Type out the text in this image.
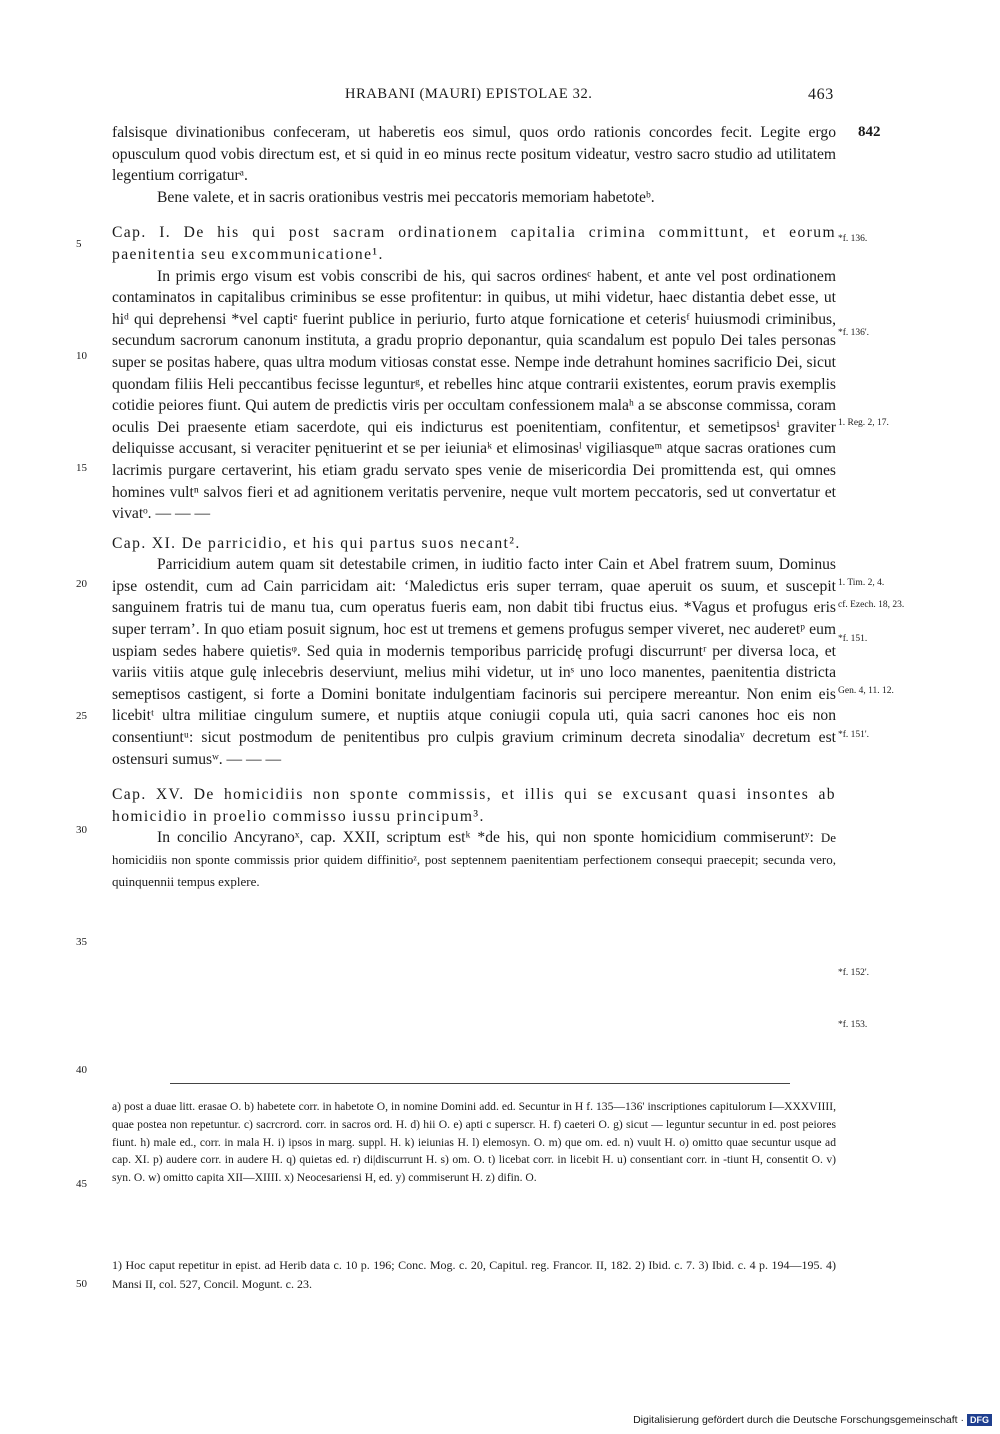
HRABANI (MAURI) EPISTOLAE 32.	463
842

falsisque divinationibus confeceram, ut haberetis eos simul, quos ordo rationis concordes fecit. Legite ergo opusculum quod vobis directum est, et si quid in eo minus recte positum videatur, vestro sacro studio ad utilitatem legentium corrigaturᵃ.

Bene valete, et in sacris orationibus vestris mei peccatoris memoriam habetoteᵇ.

Cap. I. De his qui post sacram ordinationem capitalia crimina committunt, et eorum paenitentia seu excommunicatione¹.

In primis ergo visum est vobis conscribi de his, qui sacros ordinesᶜ habent, et ante vel post ordinationem contaminatos in capitalibus criminibus se esse profitentur: in quibus, ut mihi videtur, haec distantia debet esse, ut hiᵈ qui deprehensi *vel captiᵉ fuerint publice in periurio, furto atque fornicatione et ceterisᶠ huiusmodi criminibus, secundum sacrorum canonum instituta, a gradu proprio deponantur, quia scandalum est populo Dei tales personas super se positas habere, quas ultra modum vitiosas constat esse. Nempe inde detrahunt homines sacrificio Dei, sicut quondam filiis Heli peccantibus fecisse legunturᵍ, et rebelles hinc atque contrarii existentes, eorum pravis exemplis cotidie peiores fiunt. Qui autem de predictis viris per occultam confessionem malaʰ a se absconse commissa, coram oculis Dei praesente etiam sacerdote, qui eis indicturus est poenitentiam, confitentur, et semetipsosⁱ graviter deliquisse accusant, si veraciter pęnituerint et se per ieiuniaᵏ et elimosinasˡ vigiliasqueᵐ atque sacras orationes cum lacrimis purgare certaverint, his etiam gradu servato spes venie de misericordia Dei promittenda est, qui omnes homines vultⁿ salvos fieri et ad agnitionem veritatis pervenire, neque vult mortem peccatoris, sed ut convertatur et vivatᵒ. — — —

Cap. XI. De parricidio, et his qui partus suos necant².

Parricidium autem quam sit detestabile crimen, in iuditio facto inter Cain et Abel fratrem suum, Dominus ipse ostendit, cum ad Cain parricidam ait: ‘Maledictus eris super terram, quae aperuit os suum, et suscepit sanguinem fratris tui de manu tua, cum operatus fueris eam, non dabit tibi fructus eius. *Vagus et profugus eris super terram’. In quo etiam posuit signum, hoc est ut tremens et gemens profugus semper viveret, nec auderetᵖ eum uspiam sedes habere quietisᵠ. Sed quia in modernis temporibus parricidę profugi discurruntʳ per diversa loca, et variis vitiis atque gulę inlecebris deserviunt, melius mihi videtur, ut inˢ uno loco manentes, paenitentia districta semeptisos castigent, si forte a Domini bonitate indulgentiam facinoris sui percipere mereantur. Non enim eis licebitᵗ ultra militiae cingulum sumere, et nuptiis atque coniugii copula uti, quia sacri canones hoc eis non consentiuntᵘ: sicut postmodum de penitentibus pro culpis gravium criminum decreta sinodaliaᵛ decretum est ostensuri sumusʷ. — — —

Cap. XV. De homicidiis non sponte commissis, et illis qui se excusant quasi insontes ab homicidio in proelio commisso iussu principum³.

In concilio Ancyranoˣ, cap. XXII, scriptum estᵏ *de his, qui non sponte homicidium commiseruntʸ: De homicidiis non sponte commissis prior quidem diffinitioᶻ, post septennem paenitentiam perfectionem consequi praecepit; secunda vero, quinquennii tempus explere.

5
10
15
20
25
30
35
40
45
50
*f. 136.
*f. 136'.
1. Reg. 2, 17.
1. Tim. 2, 4.
cf. Ezech. 18, 23.
*f. 151.
Gen. 4, 11. 12.
*f. 151'.
*f. 152'.
*f. 153.

a) post a duae litt. erasae O. b) habetete corr. in habetote O, in nomine Domini add. ed. Secuntur in H f. 135—136' inscriptiones capitulorum I—XXXVIIII, quae postea non repetuntur. c) sacrcrord. corr. in sacros ord. H. d) hii O. e) apti c superscr. H. f) caeteri O. g) sicut — leguntur secuntur in ed. post peiores fiunt. h) male ed., corr. in mala H. i) ipsos in marg. suppl. H. k) ieiunias H. l) elemosyn. O. m) que om. ed. n) vuult H. o) omitto quae secuntur usque ad cap. XI. p) audere corr. in audere H. q) quietas ed. r) di|discurrunt H. s) om. O. t) licebat corr. in licebit H. u) consentiant corr. in -tiunt H, consentit O. v) syn. O. w) omitto capita XII—XIIII. x) Neocesariensi H, ed. y) commiserunt H. z) difin. O.

1) Hoc caput repetitur in epist. ad Herib data c. 10 p. 196; Conc. Mog. c. 20, Capitul. reg. Francor. II, 182. 2) Ibid. c. 7. 3) Ibid. c. 4 p. 194—195. 4) Mansi II, col. 527, Concil. Mogunt. c. 23.

Digitalisierung gefördert durch die Deutsche Forschungsgemeinschaft · DFG
